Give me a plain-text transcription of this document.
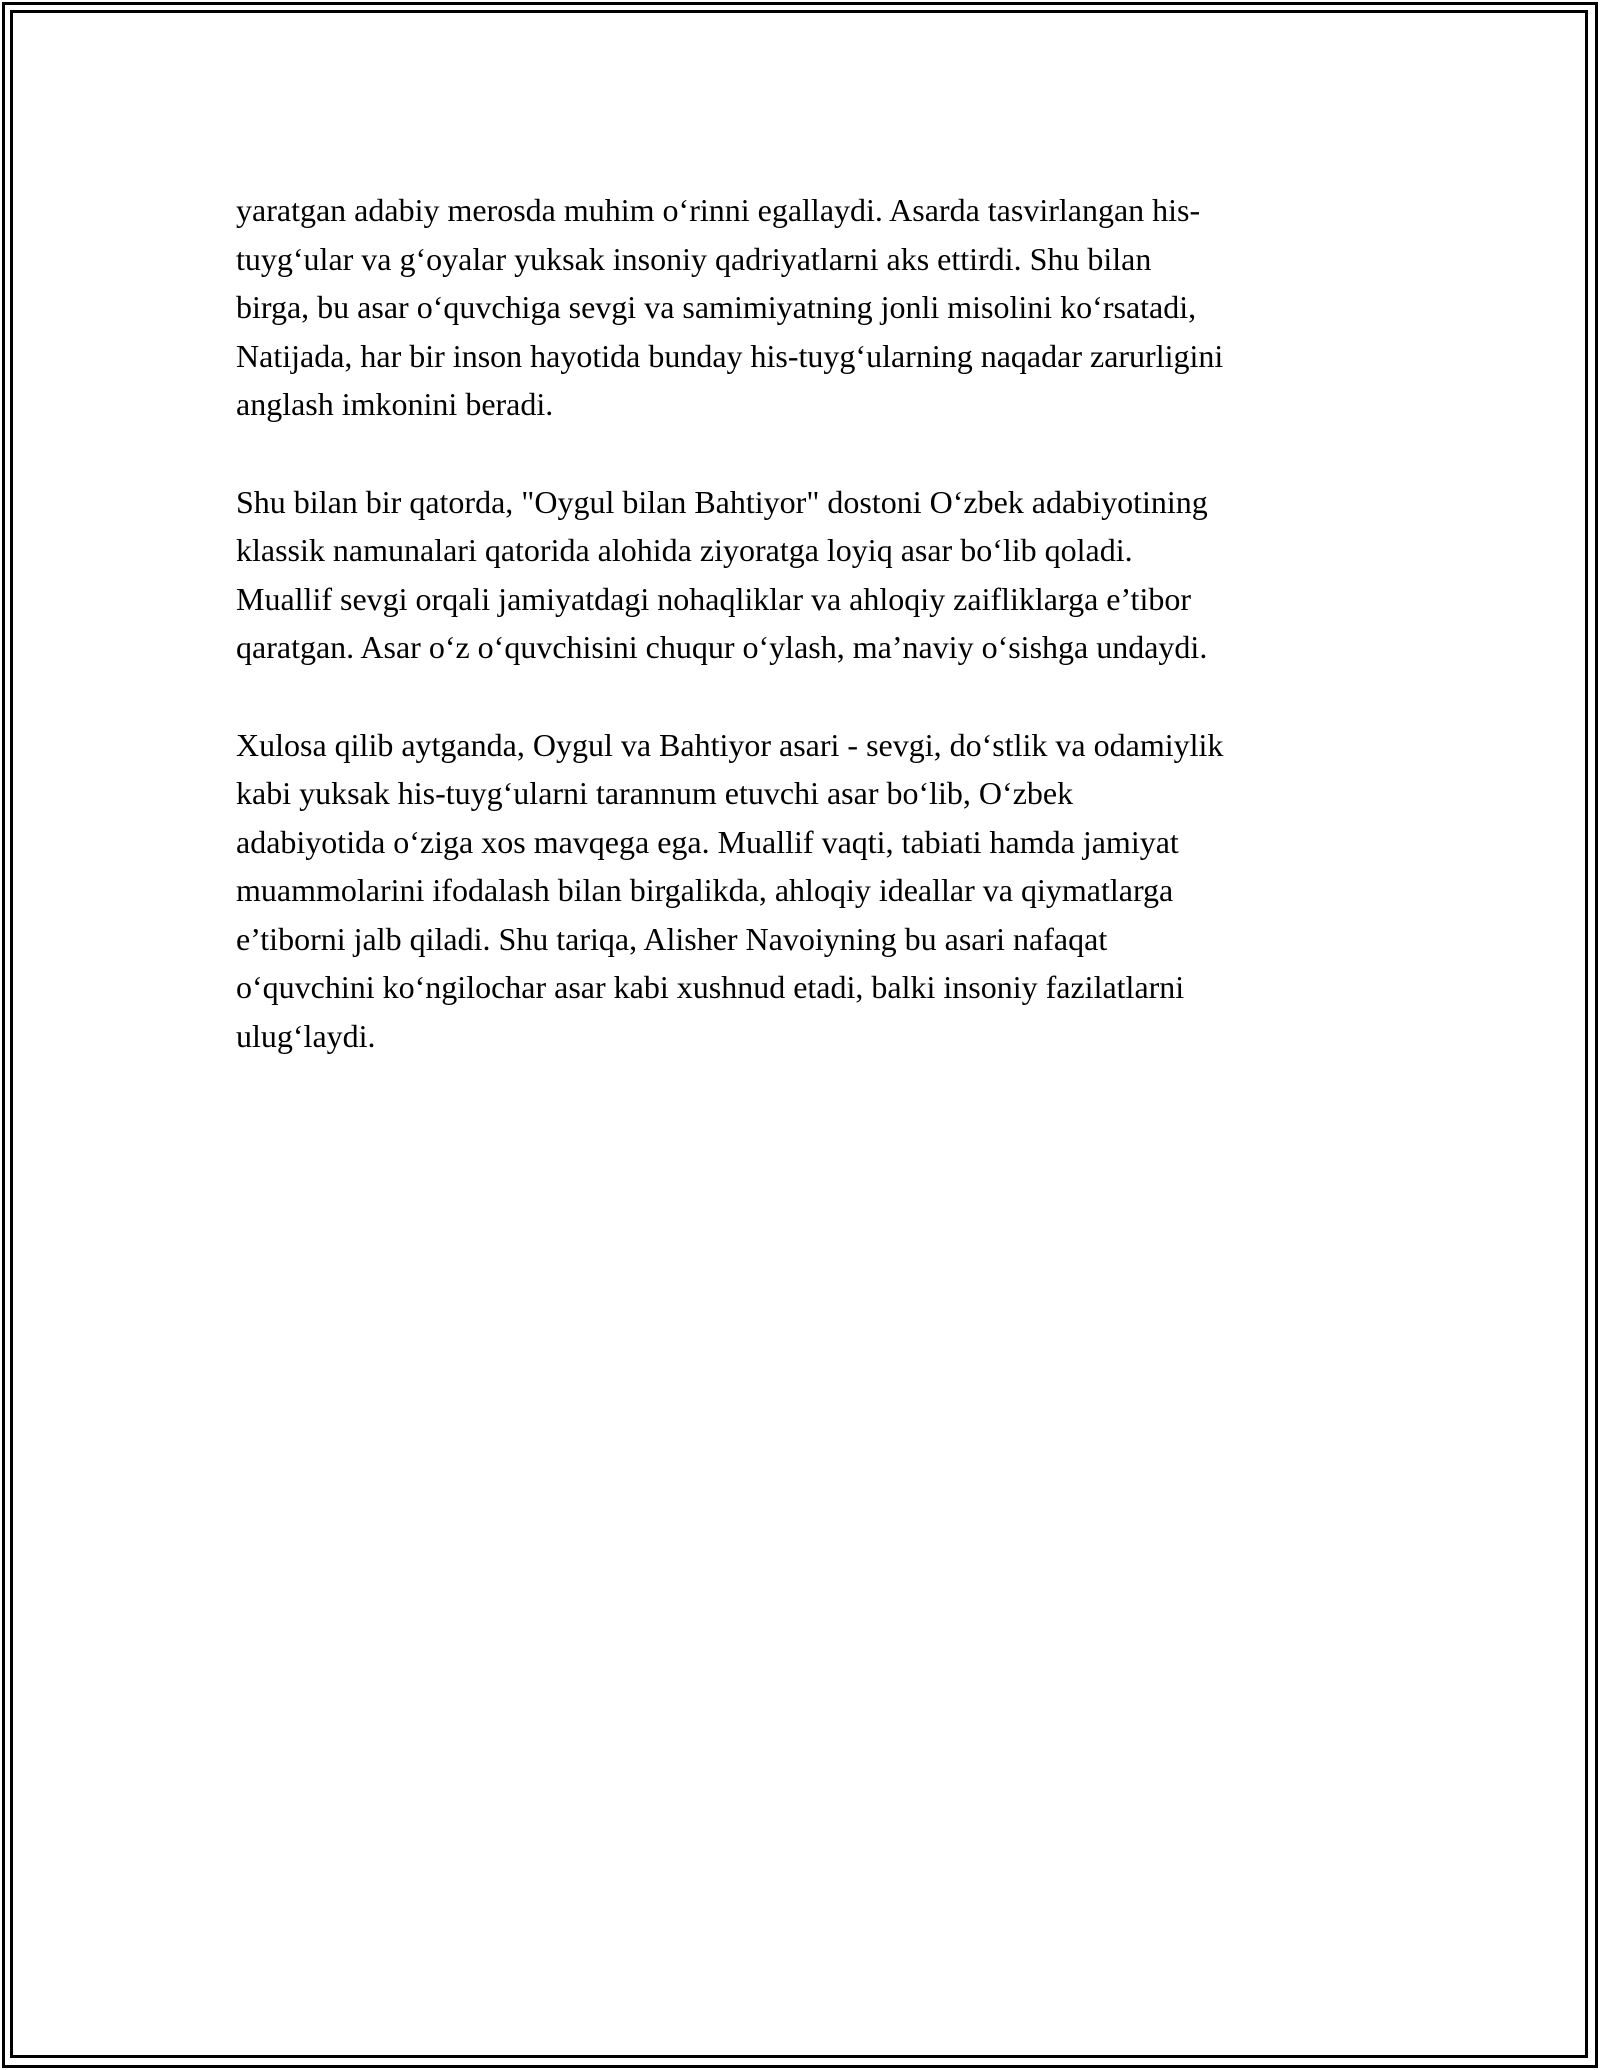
yaratgan adabiy merosda muhim o‘rinni egallaydi. Asarda tasvirlangan his-
tuyg‘ular va g‘oyalar yuksak insoniy qadriyatlarni aks ettirdi. Shu bilan
birga, bu asar o‘quvchiga sevgi va samimiyatning jonli misolini ko‘rsatadi,
Natijada, har bir inson hayotida bunday his-tuyg‘ularning naqadar zarurligini
anglash imkonini beradi.

Shu bilan bir qatorda, "Oygul bilan Bahtiyor" dostoni O‘zbek adabiyotining
klassik namunalari qatorida alohida ziyoratga loyiq asar bo‘lib qoladi.
Muallif sevgi orqali jamiyatdagi nohaqliklar va ahloqiy zaifliklarga e’tibor
qaratgan. Asar o‘z o‘quvchisini chuqur o‘ylash, ma’naviy o‘sishga undaydi.

Xulosa qilib aytganda, Oygul va Bahtiyor asari - sevgi, do‘stlik va odamiylik
kabi yuksak his-tuyg‘ularni tarannum etuvchi asar bo‘lib, O‘zbek
adabiyotida o‘ziga xos mavqega ega. Muallif vaqti, tabiati hamda jamiyat
muammolarini ifodalash bilan birgalikda, ahloqiy ideallar va qiymatlarga
e’tiborni jalb qiladi. Shu tariqa, Alisher Navoiyning bu asari nafaqat
o‘quvchini ko‘ngilochar asar kabi xushnud etadi, balki insoniy fazilatlarni
ulug‘laydi.
